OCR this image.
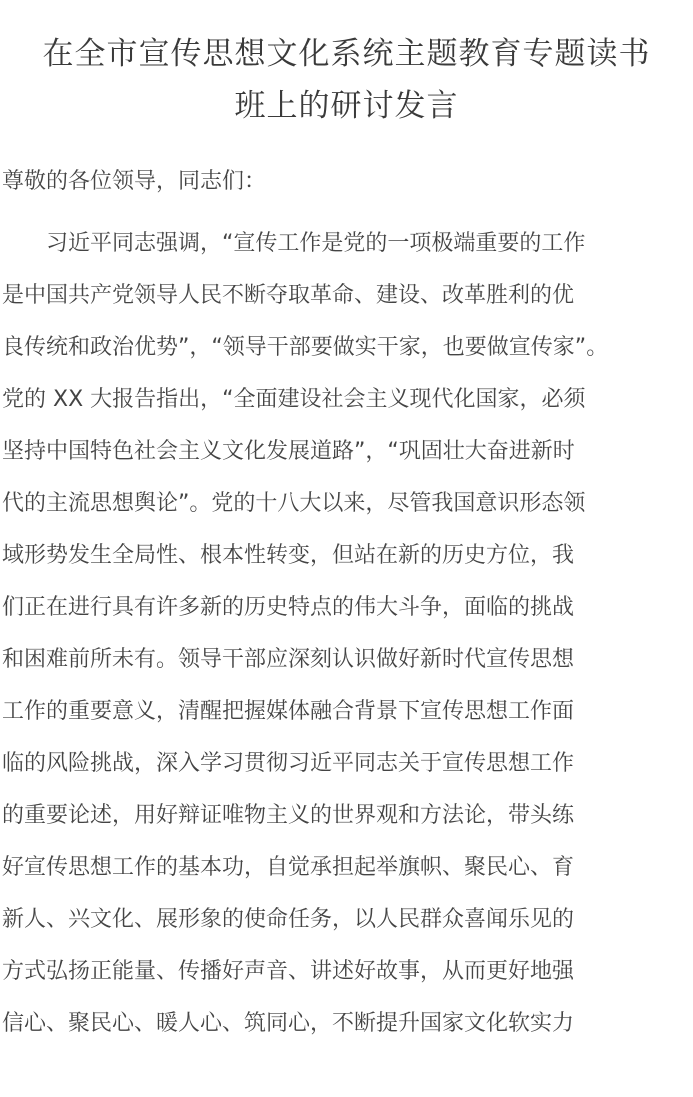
在全市宣传思想文化系统主题教育专题读书
班上的研讨发言
尊敬的各位领导，同志们：
　　习近平同志强调，“宣传工作是党的一项极端重要的工作
是中国共产党领导人民不断夺取革命、建设、改革胜利的优
良传统和政治优势”，“领导干部要做实干家，也要做宣传家”。
党的 XX 大报告指出，“全面建设社会主义现代化国家，必须
坚持中国特色社会主义文化发展道路”，“巩固壮大奋进新时
代的主流思想舆论”。党的十八大以来，尽管我国意识形态领
域形势发生全局性、根本性转变，但站在新的历史方位，我
们正在进行具有许多新的历史特点的伟大斗争，面临的挑战
和困难前所未有。领导干部应深刻认识做好新时代宣传思想
工作的重要意义，清醒把握媒体融合背景下宣传思想工作面
临的风险挑战，深入学习贯彻习近平同志关于宣传思想工作
的重要论述，用好辩证唯物主义的世界观和方法论，带头练
好宣传思想工作的基本功，自觉承担起举旗帜、聚民心、育
新人、兴文化、展形象的使命任务，以人民群众喜闻乐见的
方式弘扬正能量、传播好声音、讲述好故事，从而更好地强
信心、聚民心、暖人心、筑同心，不断提升国家文化软实力
